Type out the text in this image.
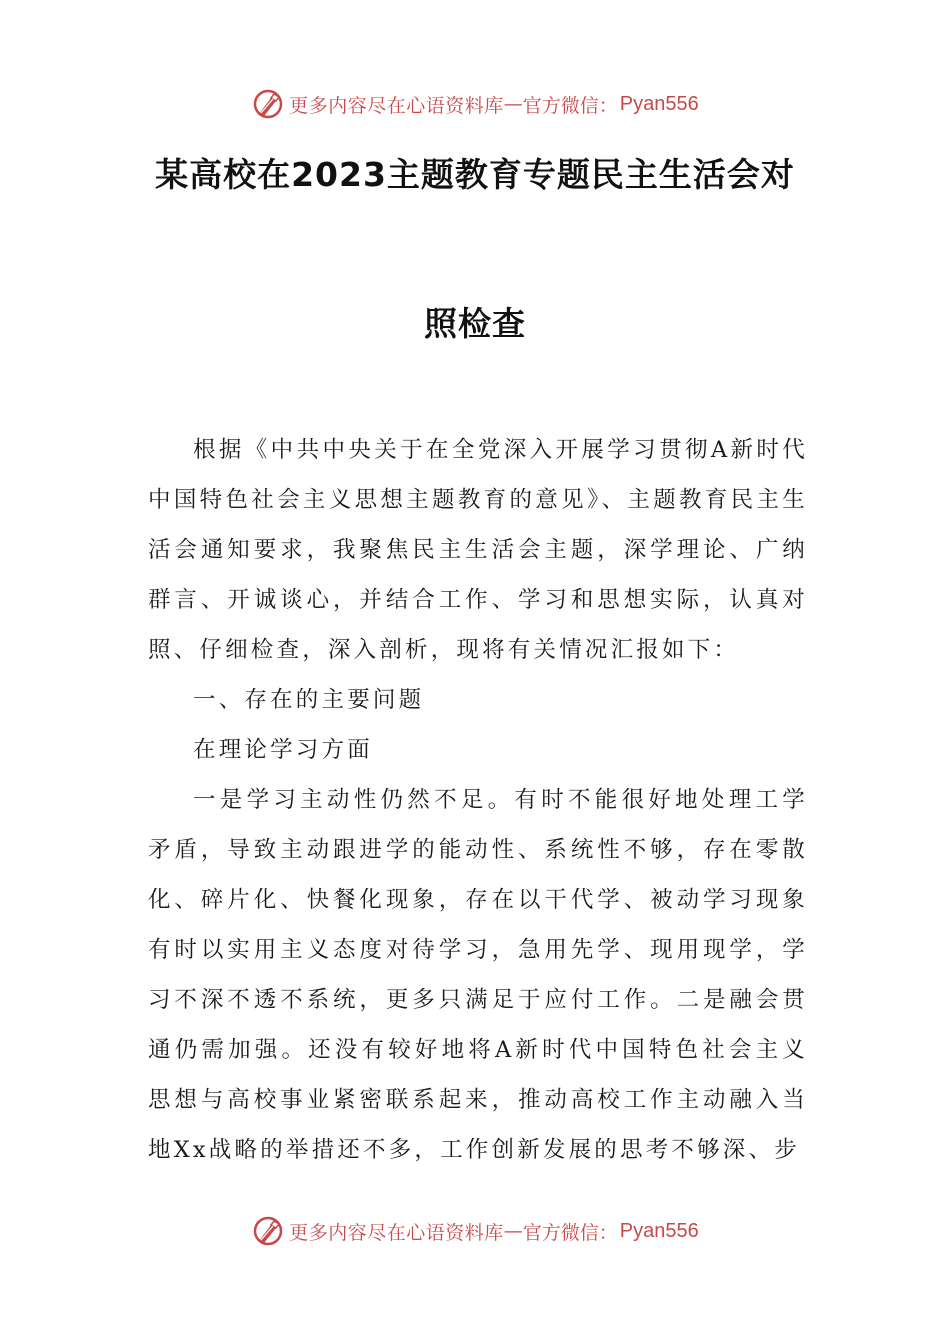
更多内容尽在心语资料库 — 官方微信： Pyan556
某高校在2023主题教育专题民主生活会对
照检查

根据《中共中央关于在全党深入开展学习贯彻A新时代中国特色社会主义思想主题教育的意见》、主题教育民主生活会通知要求，我聚焦民主生活会主题，深学理论、广纳群言、开诚谈心，并结合工作、学习和思想实际，认真对照、仔细检查，深入剖析，现将有关情况汇报如下：

一、存在的主要问题

在理论学习方面

一是学习主动性仍然不足。有时不能很好地处理工学矛盾，导致主动跟进学的能动性、系统性不够，存在零散化、碎片化、快餐化现象，存在以干代学、被动学习现象有时以实用主义态度对待学习，急用先学、现用现学，学习不深不透不系统，更多只满足于应付工作。二是融会贯通仍需加强。还没有较好地将A新时代中国特色社会主义思想与高校事业紧密联系起来，推动高校工作主动融入当地Xx战略的举措还不多，工作创新发展的思考不够深、步

更多内容尽在心语资料库 — 官方微信： Pyan556
